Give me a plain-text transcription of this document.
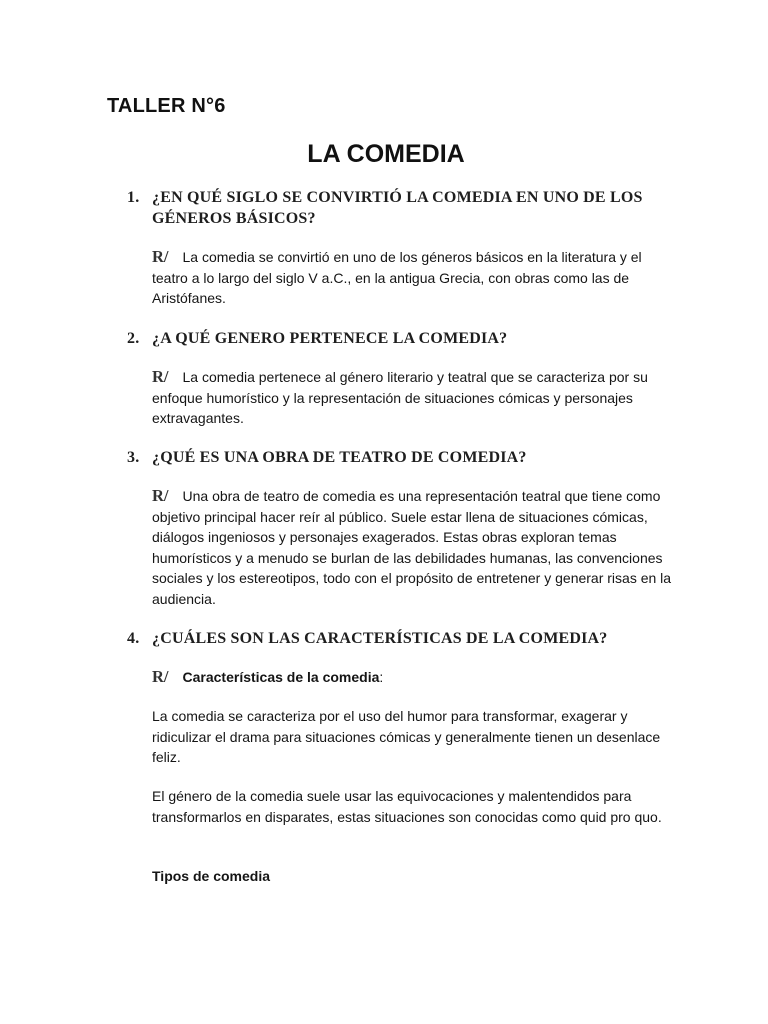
TALLER N°6
LA COMEDIA
1. ¿EN QUÉ SIGLO SE CONVIRTIÓ LA COMEDIA EN UNO DE LOS GÉNEROS BÁSICOS?
R/ La comedia se convirtió en uno de los géneros básicos en la literatura y el teatro a lo largo del siglo V a.C., en la antigua Grecia, con obras como las de Aristófanes.
2. ¿A QUÉ GENERO PERTENECE LA COMEDIA?
R/ La comedia pertenece al género literario y teatral que se caracteriza por su enfoque humorístico y la representación de situaciones cómicas y personajes extravagantes.
3. ¿QUÉ ES UNA OBRA DE TEATRO DE COMEDIA?
R/ Una obra de teatro de comedia es una representación teatral que tiene como objetivo principal hacer reír al público. Suele estar llena de situaciones cómicas, diálogos ingeniosos y personajes exagerados. Estas obras exploran temas humorísticos y a menudo se burlan de las debilidades humanas, las convenciones sociales y los estereotipos, todo con el propósito de entretener y generar risas en la audiencia.
4. ¿CUÁLES SON LAS CARACTERÍSTICAS DE LA COMEDIA?
R/ Características de la comedia:
La comedia se caracteriza por el uso del humor para transformar, exagerar y ridiculizar el drama para situaciones cómicas y generalmente tienen un desenlace feliz.
El género de la comedia suele usar las equivocaciones y malentendidos para transformarlos en disparates, estas situaciones son conocidas como quid pro quo.
Tipos de comedia
